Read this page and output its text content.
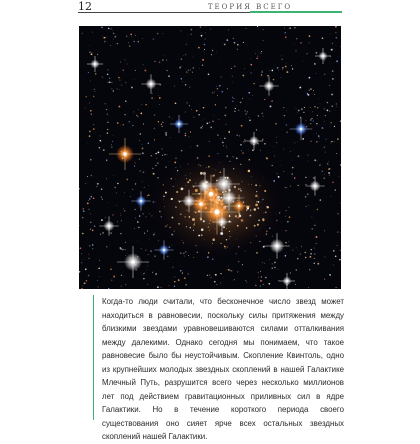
12	ТЕОРИЯ ВСЕГО

Когда-то люди считали, что бесконечное число звезд может находиться в равновесии, поскольку силы притяжения между близкими звездами уравновешиваются силами отталкивания между далекими. Однако сегодня мы понимаем, что такое равновесие было бы неустойчивым. Скопление Квинтоль, одно из крупнейших молодых звездных скоплений в нашей Галактике Млечный Путь, разрушится всего через несколько миллионов лет под действием гравитационных приливных сил в ядре Галактики. Но в течение короткого периода своего существования оно сияет ярче всех остальных звездных скоплений нашей Галактики.
